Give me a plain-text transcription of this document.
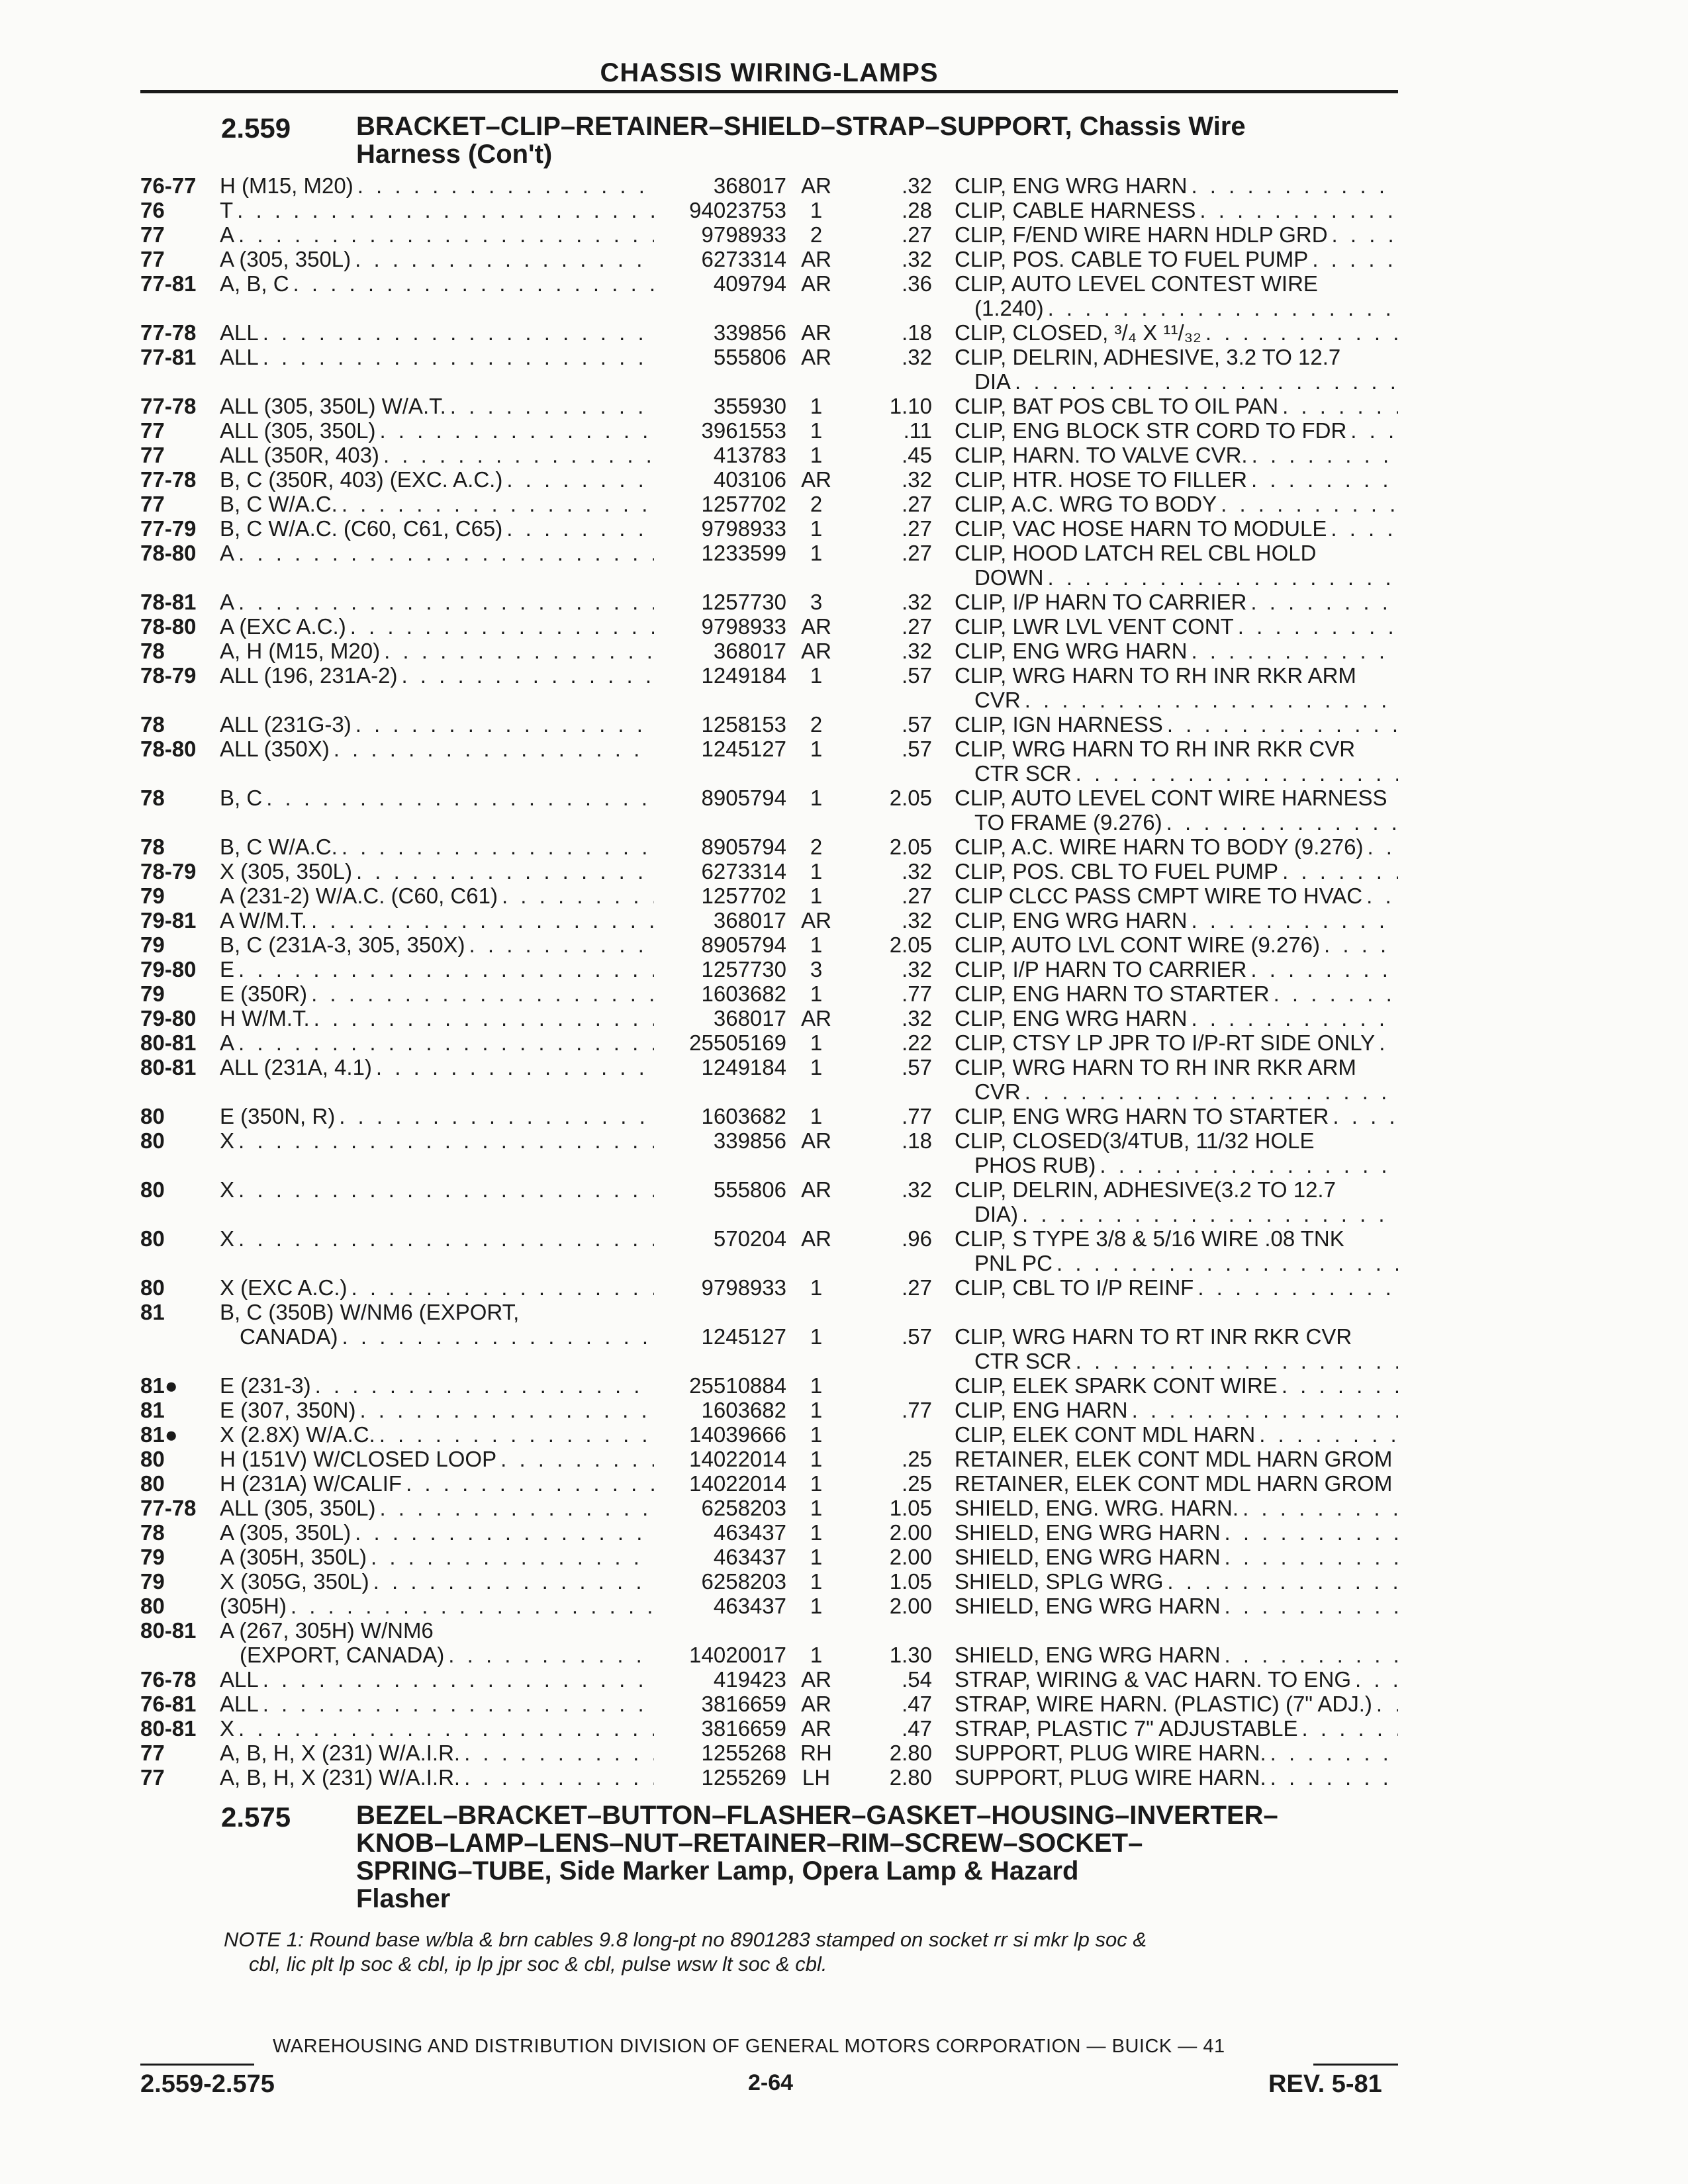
CHASSIS WIRING-LAMPS
2.559 BRACKET–CLIP–RETAINER–SHIELD–STRAP–SUPPORT, Chassis Wire
Harness (Con't)
76-77	H (M15, M20) . . .	368017 AR	.32	CLIP, ENG WRG HARN
. . .
76	T . . .	94023753	1	.28	CLIP, CABLE HARNESS
. . .
77	A . . .	9798933	2	.27	CLIP, F/END WIRE HARN HDLP GRD
. . .
77	A (305, 350L) . . .	6273314 AR	.32	CLIP, POS. CABLE TO FUEL PUMP
. . .
77-81	A, B, C . . .	409794 AR	.36	CLIP, AUTO LEVEL CONTEST WIRE
(1.240)
. . .
77-78	ALL . . .	339856 AR	.18	CLIP, CLOSED, ³/₄ X ¹¹/₃₂
. . .
77-81	ALL . . .	555806 AR	.32	CLIP, DELRIN, ADHESIVE, 3.2 TO 12.7
DIA
. . .
77-78	ALL (305, 350L) W/A.T. . . .	355930	1	1.10	CLIP, BAT POS CBL TO OIL PAN
. . .
77	ALL (305, 350L) . . .	3961553	1	.11	CLIP, ENG BLOCK STR CORD TO FDR
. . .
77	ALL (350R, 403) . . .	413783	1	.45	CLIP, HARN. TO VALVE CVR.
. . .
77-78	B, C (350R, 403) (EXC. A.C.) . . .	403106 AR	.32	CLIP, HTR. HOSE TO FILLER
. . .
77	B, C W/A.C. . . .	1257702	2	.27	CLIP, A.C. WRG TO BODY
. . .
77-79	B, C W/A.C. (C60, C61, C65) . . .	9798933	1	.27	CLIP, VAC HOSE HARN TO MODULE
. . .
78-80	A . . .	1233599	1	.27	CLIP, HOOD LATCH REL CBL HOLD
DOWN
. . .
78-81	A . . .	1257730	3	.32	CLIP, I/P HARN TO CARRIER
. . .
78-80	A (EXC A.C.) . . .	9798933 AR	.27	CLIP, LWR LVL VENT CONT
. . .
78	A, H (M15, M20) . . .	368017 AR	.32	CLIP, ENG WRG HARN
. . .
78-79	ALL (196, 231A-2) . . .	1249184	1	.57	CLIP, WRG HARN TO RH INR RKR ARM
CVR
. . .
78	ALL (231G-3) . . .	1258153	2	.57	CLIP, IGN HARNESS
. . .
78-80	ALL (350X) . . .	1245127	1	.57	CLIP, WRG HARN TO RH INR RKR CVR
CTR SCR
. . .
78	B, C . . .	8905794	1	2.05	CLIP, AUTO LEVEL CONT WIRE HARNESS
TO FRAME (9.276)
. . .
78	B, C W/A.C. . . .	8905794	2	2.05	CLIP, A.C. WIRE HARN TO BODY (9.276)
. . .
78-79	X (305, 350L) . . .	6273314	1	.32	CLIP, POS. CBL TO FUEL PUMP
. . .
79	A (231-2) W/A.C. (C60, C61) . . .	1257702	1	.27	CLIP CLCC PASS CMPT WIRE TO HVAC
. . .
79-81	A W/M.T. . . .	368017 AR	.32	CLIP, ENG WRG HARN
. . .
79	B, C (231A-3, 305, 350X) . . .	8905794	1	2.05	CLIP, AUTO LVL CONT WIRE (9.276)
. . .
79-80	E . . .	1257730	3	.32	CLIP, I/P HARN TO CARRIER
. . .
79	E (350R) . . .	1603682	1	.77	CLIP, ENG HARN TO STARTER
. . .
79-80	H W/M.T. . . .	368017 AR	.32	CLIP, ENG WRG HARN
. . .
80-81	A . . .	25505169	1	.22	CLIP, CTSY LP JPR TO I/P-RT SIDE ONLY
. . .
80-81	ALL (231A, 4.1) . . .	1249184	1	.57	CLIP, WRG HARN TO RH INR RKR ARM
CVR
. . .
80	E (350N, R) . . .	1603682	1	.77	CLIP, ENG WRG HARN TO STARTER
. . .
80	X . . .	339856 AR	.18	CLIP, CLOSED(3/4TUB, 11/32 HOLE
PHOS RUB)
. . .
80	X . . .	555806 AR	.32	CLIP, DELRIN, ADHESIVE(3.2 TO 12.7
DIA)
. . .
80	X . . .	570204 AR	.96	CLIP, S TYPE 3/8 & 5/16 WIRE .08 TNK
PNL PC
. . .
80	X (EXC A.C.) . . .	9798933	1	.27	CLIP, CBL TO I/P REINF
. . .
81	B, C (350B) W/NM6 (EXPORT,
CANADA) . . .	1245127	1	.57	CLIP, WRG HARN TO RT INR RKR CVR
CTR SCR
. . .
81●	E (231-3) . . .	25510884	1	CLIP, ELEK SPARK CONT WIRE
. . .
81	E (307, 350N) . . .	1603682	1	.77	CLIP, ENG HARN
. . .
81●	X (2.8X) W/A.C. . . .	14039666	1	CLIP, ELEK CONT MDL HARN
. . .
80	H (151V) W/CLOSED LOOP . . .	14022014	1	.25	RETAINER, ELEK CONT MDL HARN GROM
80	H (231A) W/CALIF . . .	14022014	1	.25	RETAINER, ELEK CONT MDL HARN GROM
77-78	ALL (305, 350L) . . .	6258203	1	1.05	SHIELD, ENG. WRG. HARN.
. . .
78	A (305, 350L) . . .	463437	1	2.00	SHIELD, ENG WRG HARN
. . .
79	A (305H, 350L) . . .	463437	1	2.00	SHIELD, ENG WRG HARN
. . .
79	X (305G, 350L) . . .	6258203	1	1.05	SHIELD, SPLG WRG
. . .
80	(305H) . . .	463437	1	2.00	SHIELD, ENG WRG HARN
. . .
80-81	A (267, 305H) W/NM6
(EXPORT, CANADA) . . .	14020017	1	1.30	SHIELD, ENG WRG HARN
. . .
76-78	ALL . . .	419423 AR	.54	STRAP, WIRING & VAC HARN. TO ENG
. . .
76-81	ALL . . .	3816659 AR	.47	STRAP, WIRE HARN. (PLASTIC) (7" ADJ.)
. . .
80-81	X . . .	3816659 AR	.47	STRAP, PLASTIC 7" ADJUSTABLE
. . .
77	A, B, H, X (231) W/A.I.R. . . .	1255268 RH	2.80	SUPPORT, PLUG WIRE HARN.
. . .
77	A, B, H, X (231) W/A.I.R. . . .	1255269 LH	2.80	SUPPORT, PLUG WIRE HARN.
. . .
2.575 BEZEL–BRACKET–BUTTON–FLASHER–GASKET–HOUSING–INVERTER–
KNOB–LAMP–LENS–NUT–RETAINER–RIM–SCREW–SOCKET–
SPRING–TUBE, Side Marker Lamp, Opera Lamp & Hazard
Flasher
NOTE 1: Round base w/bla & brn cables 9.8 long-pt no 8901283 stamped on socket rr si mkr lp soc &
cbl, lic plt lp soc & cbl, ip lp jpr soc & cbl, pulse wsw lt soc & cbl.
WAREHOUSING AND DISTRIBUTION DIVISION OF GENERAL MOTORS CORPORATION — BUICK — 41
2.559-2.575	2-64	REV. 5-81
